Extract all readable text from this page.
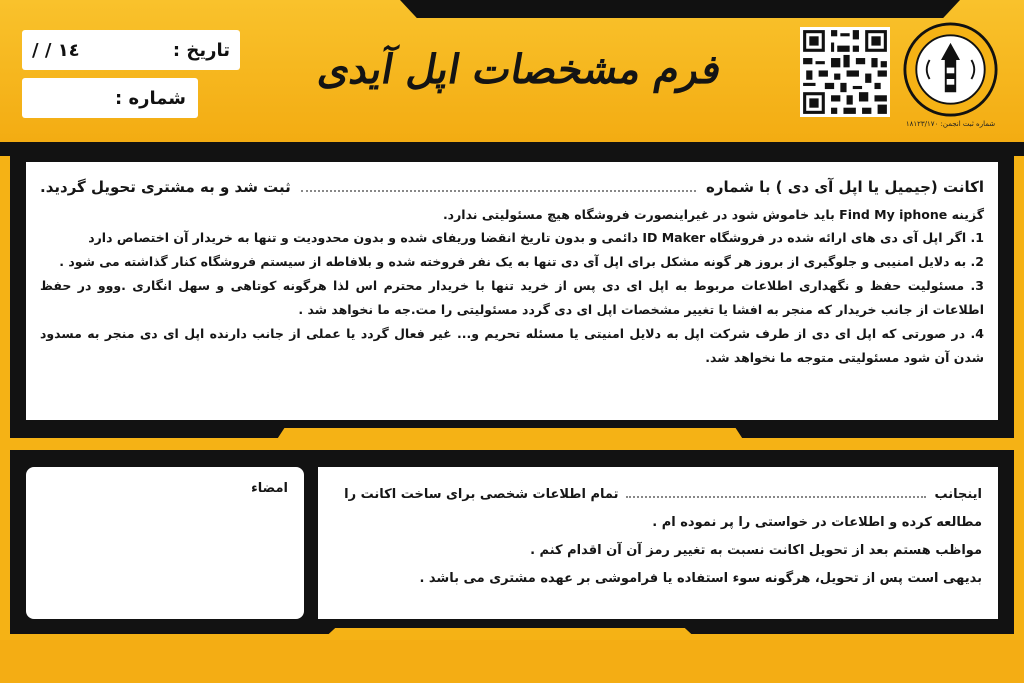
تاریخ :
١٤ / /
شماره :
فرم مشخصات اپل آیدی
شماره ثبت انجمن: ۱۸۱۲۳/۱۷۰
اکانت (جیمیل یا اپل آی دی ) با شماره
ثبت شد و به مشتری تحویل گردید.
گزینه Find My iphone باید خاموش شود در غیراینصورت فروشگاه هیچ مسئولیتی ندارد.
1. اگر اپل آی دی های ارائه شده در فروشگاه ID Maker دائمی و بدون تاریخ انقضا وریفای شده و بدون محدودیت و تنها به خریدار آن اختصاص دارد
2. به دلایل امنیبی و جلوگیری از بروز هر گونه مشکل برای اپل آی دی تنها به یک نفر فروخته شده و بلافاطه از سیستم فروشگاه کنار گذاشته می شود .
3. مسئولیت حفظ و نگهداری اطلاعات مربوط به اپل ای دی پس از خرید تنها با خریدار محترم اس لذا هرگونه کوتاهی و سهل انگاری .ووو در حفظ اطلاعات از جانب خریدار که منجر به افشا یا تغییر مشخصات اپل ای دی گردد مسئولیتی را مت.جه ما نخواهد شد .
4. در صورتی که اپل ای دی از طرف شرکت اپل به دلایل امنیتی یا مسئله تحریم و... غیر فعال گردد یا عملی از جانب دارنده اپل ای دی منجر به مسدود شدن آن شود مسئولیتی متوجه ما نخواهد شد.
امضاء	اینجانب
تمام اطلاعات شخصی برای ساخت اکانت را
مطالعه کرده و اطلاعات در خواستی را پر نموده ام .
مواظب هستم بعد از تحویل اکانت نسبت به تغییر رمز آن آن اقدام کنم .
بدیهی است پس از تحویل، هرگونه سوء استفاده یا فراموشی بر عهده مشتری می باشد .
